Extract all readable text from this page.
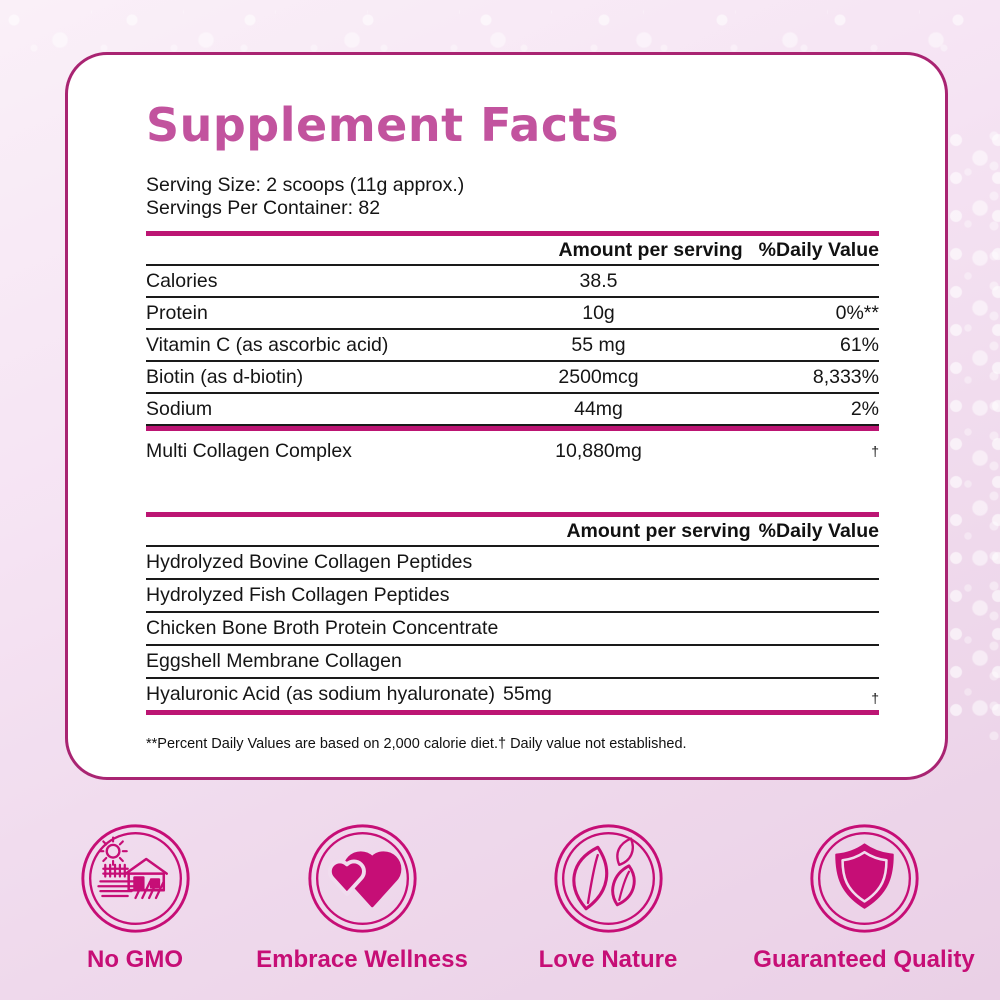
Supplement Facts
Serving Size: 2 scoops (11g approx.)
Servings Per Container: 82
Amount per serving %Daily Value
Calories	38.5
Protein	10g	0%**
Vitamin C (as ascorbic acid)	55 mg	61%
Biotin (as d-biotin)	2500mcg	8,333%
Sodium	44mg	2%
Multi Collagen Complex	10,880mg	†
Amount per serving %Daily Value
Hydrolyzed Bovine Collagen Peptides
Hydrolyzed Fish Collagen Peptides
Chicken Bone Broth Protein Concentrate
Eggshell Membrane Collagen
Hyaluronic Acid (as sodium hyaluronate) 55mg	†
**Percent Daily Values are based on 2,000 calorie diet.† Daily value not established.
No GMO	Embrace Wellness	Love Nature	Guaranteed Quality
